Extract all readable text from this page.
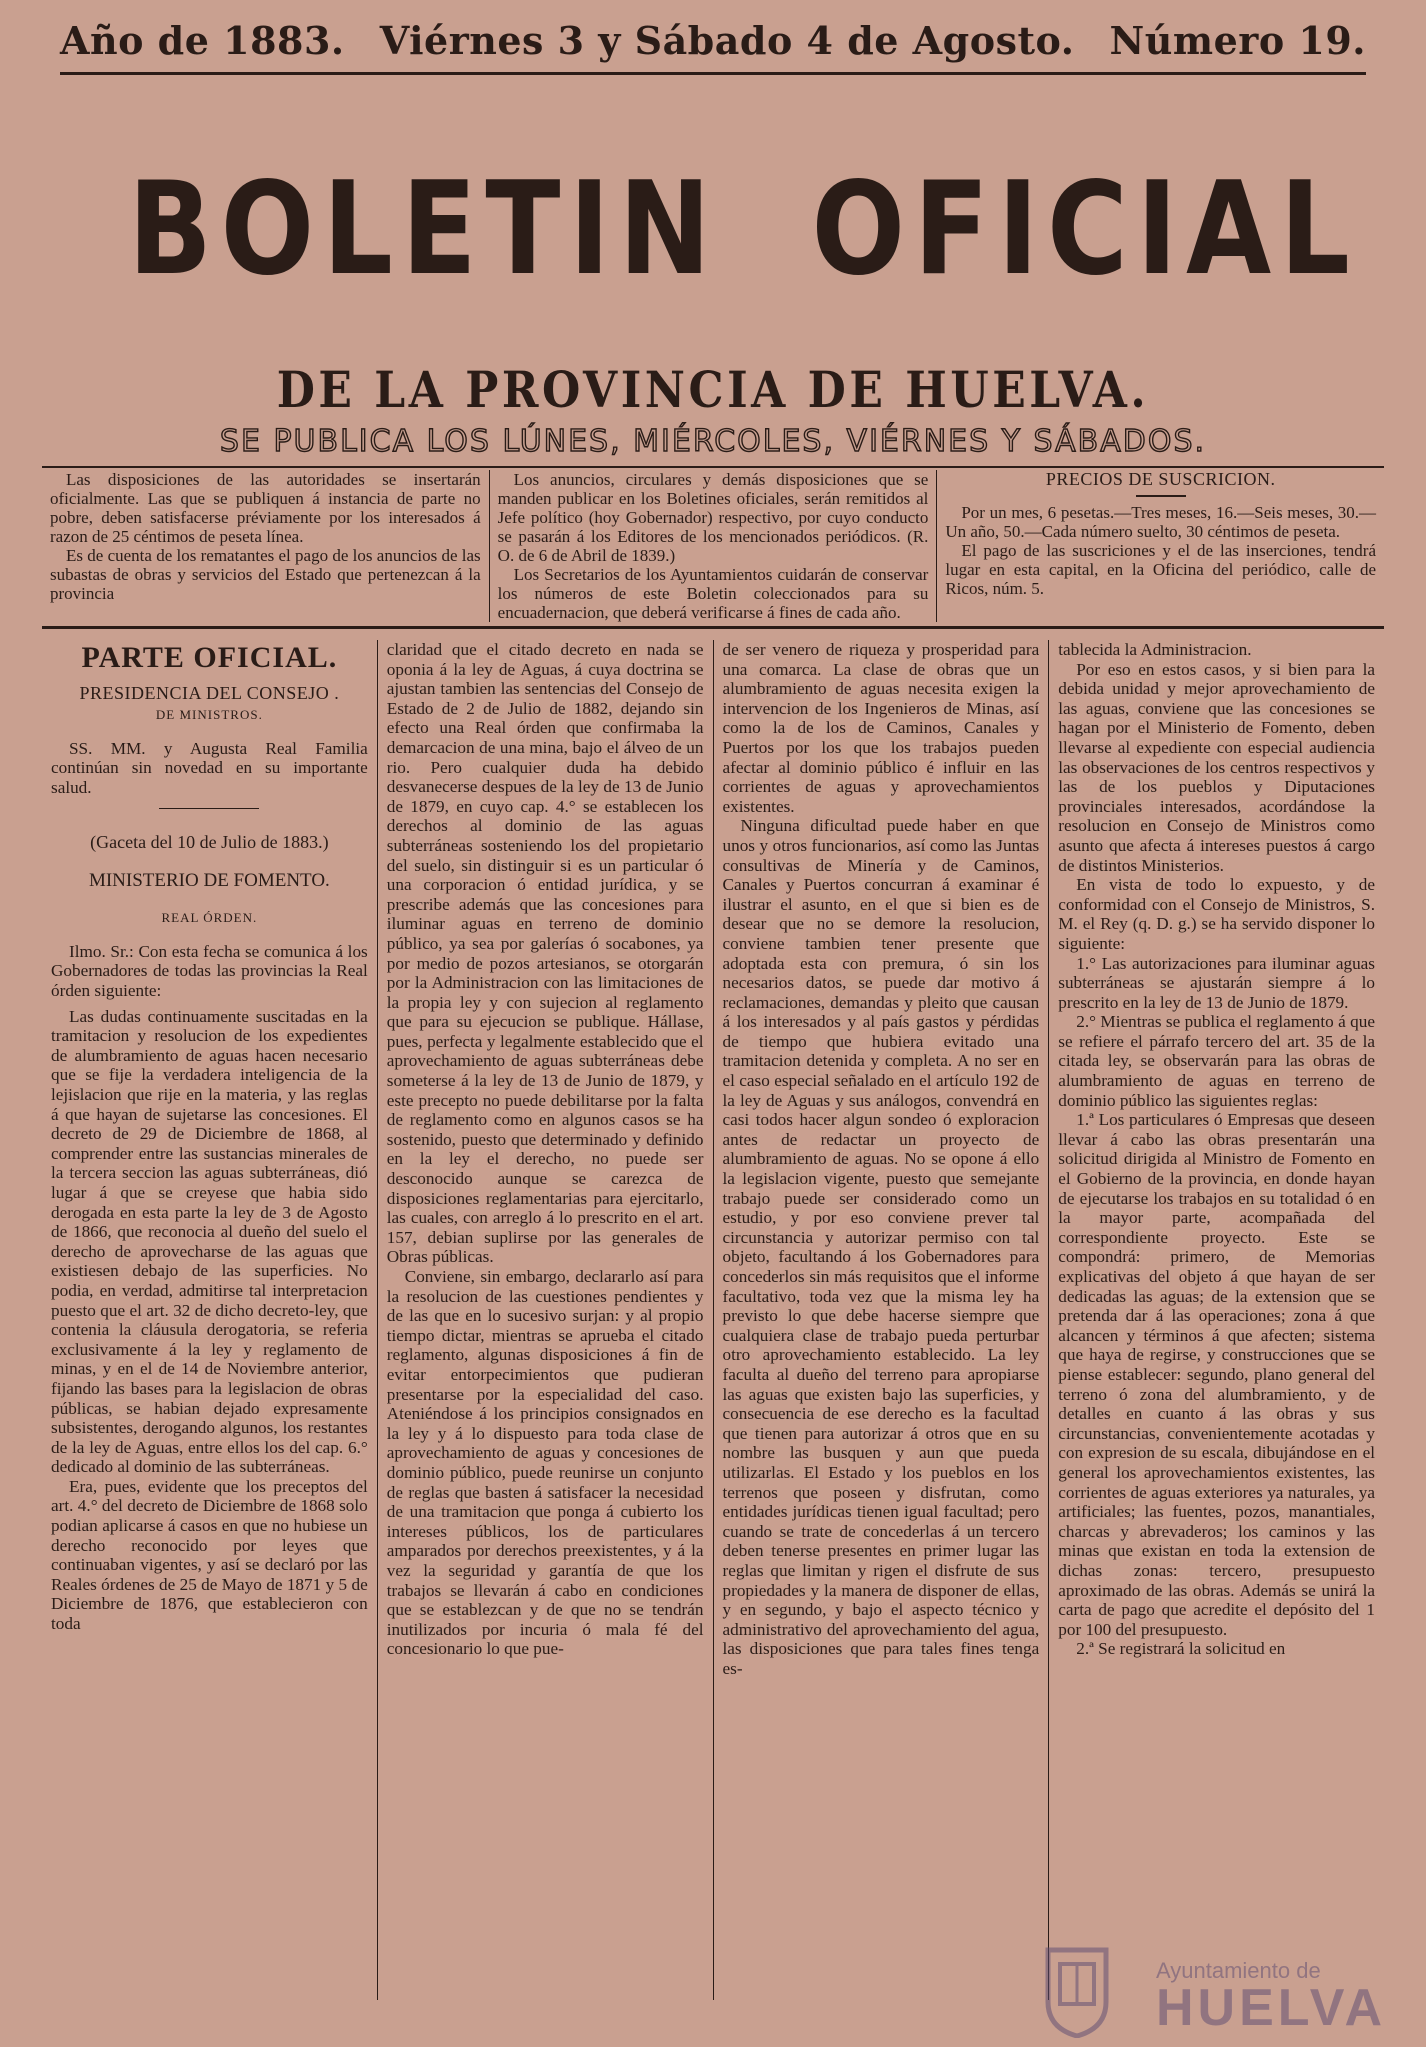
Año de 1883. Viérnes 3 y Sábado 4 de Agosto. Número 19.
BOLETIN OFICIAL
DE LA PROVINCIA DE HUELVA.
SE PUBLICA LOS LÚNES, MIÉRCOLES, VIÉRNES Y SÁBADOS.

Las disposiciones de las autoridades se insertarán oficialmente. Las que se publiquen á instancia de parte no pobre, deben satisfacerse préviamente por los interesados á razon de 25 céntimos de peseta línea.

Es de cuenta de los rematantes el pago de los anuncios de las subastas de obras y servicios del Estado que pertenezcan á la provincia

Los anuncios, circulares y demás disposiciones que se manden publicar en los Boletines oficiales, serán remitidos al Jefe político (hoy Gobernador) respectivo, por cuyo conducto se pasarán á los Editores de los mencionados periódicos. (R. O. de 6 de Abril de 1839.)

Los Secretarios de los Ayuntamientos cuidarán de conservar los números de este Boletin coleccionados para su encuadernacion, que deberá verificarse á fines de cada año.

PRECIOS DE SUSCRICION.

Por un mes, 6 pesetas.—Tres meses, 16.—Seis meses, 30.—Un año, 50.—Cada número suelto, 30 céntimos de peseta.

El pago de las suscriciones y el de las inserciones, tendrá lugar en esta capital, en la Oficina del periódico, calle de Ricos, núm. 5.

PARTE OFICIAL.

PRESIDENCIA DEL CONSEJO .

DE MINISTROS.

SS. MM. y Augusta Real Familia continúan sin novedad en su importante salud.

(Gaceta del 10 de Julio de 1883.)

MINISTERIO DE FOMENTO.

REAL ÓRDEN.

Ilmo. Sr.: Con esta fecha se comunica á los Gobernadores de todas las provincias la Real órden siguiente:

Las dudas continuamente suscitadas en la tramitacion y resolucion de los expedientes de alumbramiento de aguas hacen necesario que se fije la verdadera inteligencia de la lejislacion que rije en la materia, y las reglas á que hayan de sujetarse las concesiones. El decreto de 29 de Diciembre de 1868, al comprender entre las sustancias minerales de la tercera seccion las aguas subterráneas, dió lugar á que se creyese que habia sido derogada en esta parte la ley de 3 de Agosto de 1866, que reconocia al dueño del suelo el derecho de aprovecharse de las aguas que existiesen debajo de las superficies. No podia, en verdad, admitirse tal interpretacion puesto que el art. 32 de dicho decreto-ley, que contenia la cláusula derogatoria, se referia exclusivamente á la ley y reglamento de minas, y en el de 14 de Noviembre anterior, fijando las bases para la legislacion de obras públicas, se habian dejado expresamente subsistentes, derogando algunos, los restantes de la ley de Aguas, entre ellos los del cap. 6.° dedicado al dominio de las subterráneas.

Era, pues, evidente que los preceptos del art. 4.° del decreto de Diciembre de 1868 solo podian aplicarse á casos en que no hubiese un derecho reconocido por leyes que continuaban vigentes, y así se declaró por las Reales órdenes de 25 de Mayo de 1871 y 5 de Diciembre de 1876, que establecieron con toda

claridad que el citado decreto en nada se oponia á la ley de Aguas, á cuya doctrina se ajustan tambien las sentencias del Consejo de Estado de 2 de Julio de 1882, dejando sin efecto una Real órden que confirmaba la demarcacion de una mina, bajo el álveo de un rio. Pero cualquier duda ha debido desvanecerse despues de la ley de 13 de Junio de 1879, en cuyo cap. 4.° se establecen los derechos al dominio de las aguas subterráneas sosteniendo los del propietario del suelo, sin distinguir si es un particular ó una corporacion ó entidad jurídica, y se prescribe además que las concesiones para iluminar aguas en terreno de dominio público, ya sea por galerías ó socabones, ya por medio de pozos artesianos, se otorgarán por la Administracion con las limitaciones de la propia ley y con sujecion al reglamento que para su ejecucion se publique. Hállase, pues, perfecta y legalmente establecido que el aprovechamiento de aguas subterráneas debe someterse á la ley de 13 de Junio de 1879, y este precepto no puede debilitarse por la falta de reglamento como en algunos casos se ha sostenido, puesto que determinado y definido en la ley el derecho, no puede ser desconocido aunque se carezca de disposiciones reglamentarias para ejercitarlo, las cuales, con arreglo á lo prescrito en el art. 157, debian suplirse por las generales de Obras públicas.

Conviene, sin embargo, declararlo así para la resolucion de las cuestiones pendientes y de las que en lo sucesivo surjan: y al propio tiempo dictar, mientras se aprueba el citado reglamento, algunas disposiciones á fin de evitar entorpecimientos que pudieran presentarse por la especialidad del caso. Ateniéndose á los principios consignados en la ley y á lo dispuesto para toda clase de aprovechamiento de aguas y concesiones de dominio público, puede reunirse un conjunto de reglas que basten á satisfacer la necesidad de una tramitacion que ponga á cubierto los intereses públicos, los de particulares amparados por derechos preexistentes, y á la vez la seguridad y garantía de que los trabajos se llevarán á cabo en condiciones que se establezcan y de que no se tendrán inutilizados por incuria ó mala fé del concesionario lo que pue-

de ser venero de riqueza y prosperidad para una comarca. La clase de obras que un alumbramiento de aguas necesita exigen la intervencion de los Ingenieros de Minas, así como la de los de Caminos, Canales y Puertos por los que los trabajos pueden afectar al dominio público é influir en las corrientes de aguas y aprovechamientos existentes.

Ninguna dificultad puede haber en que unos y otros funcionarios, así como las Juntas consultivas de Minería y de Caminos, Canales y Puertos concurran á examinar é ilustrar el asunto, en el que si bien es de desear que no se demore la resolucion, conviene tambien tener presente que adoptada esta con premura, ó sin los necesarios datos, se puede dar motivo á reclamaciones, demandas y pleito que causan á los interesados y al país gastos y pérdidas de tiempo que hubiera evitado una tramitacion detenida y completa. A no ser en el caso especial señalado en el artículo 192 de la ley de Aguas y sus análogos, convendrá en casi todos hacer algun sondeo ó exploracion antes de redactar un proyecto de alumbramiento de aguas. No se opone á ello la legislacion vigente, puesto que semejante trabajo puede ser considerado como un estudio, y por eso conviene prever tal circunstancia y autorizar permiso con tal objeto, facultando á los Gobernadores para concederlos sin más requisitos que el informe facultativo, toda vez que la misma ley ha previsto lo que debe hacerse siempre que cualquiera clase de trabajo pueda perturbar otro aprovechamiento establecido. La ley faculta al dueño del terreno para apropiarse las aguas que existen bajo las superficies, y consecuencia de ese derecho es la facultad que tienen para autorizar á otros que en su nombre las busquen y aun que pueda utilizarlas. El Estado y los pueblos en los terrenos que poseen y disfrutan, como entidades jurídicas tienen igual facultad; pero cuando se trate de concederlas á un tercero deben tenerse presentes en primer lugar las reglas que limitan y rigen el disfrute de sus propiedades y la manera de disponer de ellas, y en segundo, y bajo el aspecto técnico y administrativo del aprovechamiento del agua, las disposiciones que para tales fines tenga es-

tablecida la Administracion.

Por eso en estos casos, y si bien para la debida unidad y mejor aprovechamiento de las aguas, conviene que las concesiones se hagan por el Ministerio de Fomento, deben llevarse al expediente con especial audiencia las observaciones de los centros respectivos y las de los pueblos y Diputaciones provinciales interesados, acordándose la resolucion en Consejo de Ministros como asunto que afecta á intereses puestos á cargo de distintos Ministerios.

En vista de todo lo expuesto, y de conformidad con el Consejo de Ministros, S. M. el Rey (q. D. g.) se ha servido disponer lo siguiente:

1.° Las autorizaciones para iluminar aguas subterráneas se ajustarán siempre á lo prescrito en la ley de 13 de Junio de 1879.

2.° Mientras se publica el reglamento á que se refiere el párrafo tercero del art. 35 de la citada ley, se observarán para las obras de alumbramiento de aguas en terreno de dominio público las siguientes reglas:

1.ª Los particulares ó Empresas que deseen llevar á cabo las obras presentarán una solicitud dirigida al Ministro de Fomento en el Gobierno de la provincia, en donde hayan de ejecutarse los trabajos en su totalidad ó en la mayor parte, acompañada del correspondiente proyecto. Este se compondrá: primero, de Memorias explicativas del objeto á que hayan de ser dedicadas las aguas; de la extension que se pretenda dar á las operaciones; zona á que alcancen y términos á que afecten; sistema que haya de regirse, y construcciones que se piense establecer: segundo, plano general del terreno ó zona del alumbramiento, y de detalles en cuanto á las obras y sus circunstancias, convenientemente acotadas y con expresion de su escala, dibujándose en el general los aprovechamientos existentes, las corrientes de aguas exteriores ya naturales, ya artificiales; las fuentes, pozos, manantiales, charcas y abrevaderos; los caminos y las minas que existan en toda la extension de dichas zonas: tercero, presupuesto aproximado de las obras. Además se unirá la carta de pago que acredite el depósito del 1 por 100 del presupuesto.

2.ª Se registrará la solicitud en

Ayuntamiento de
HUELVA
